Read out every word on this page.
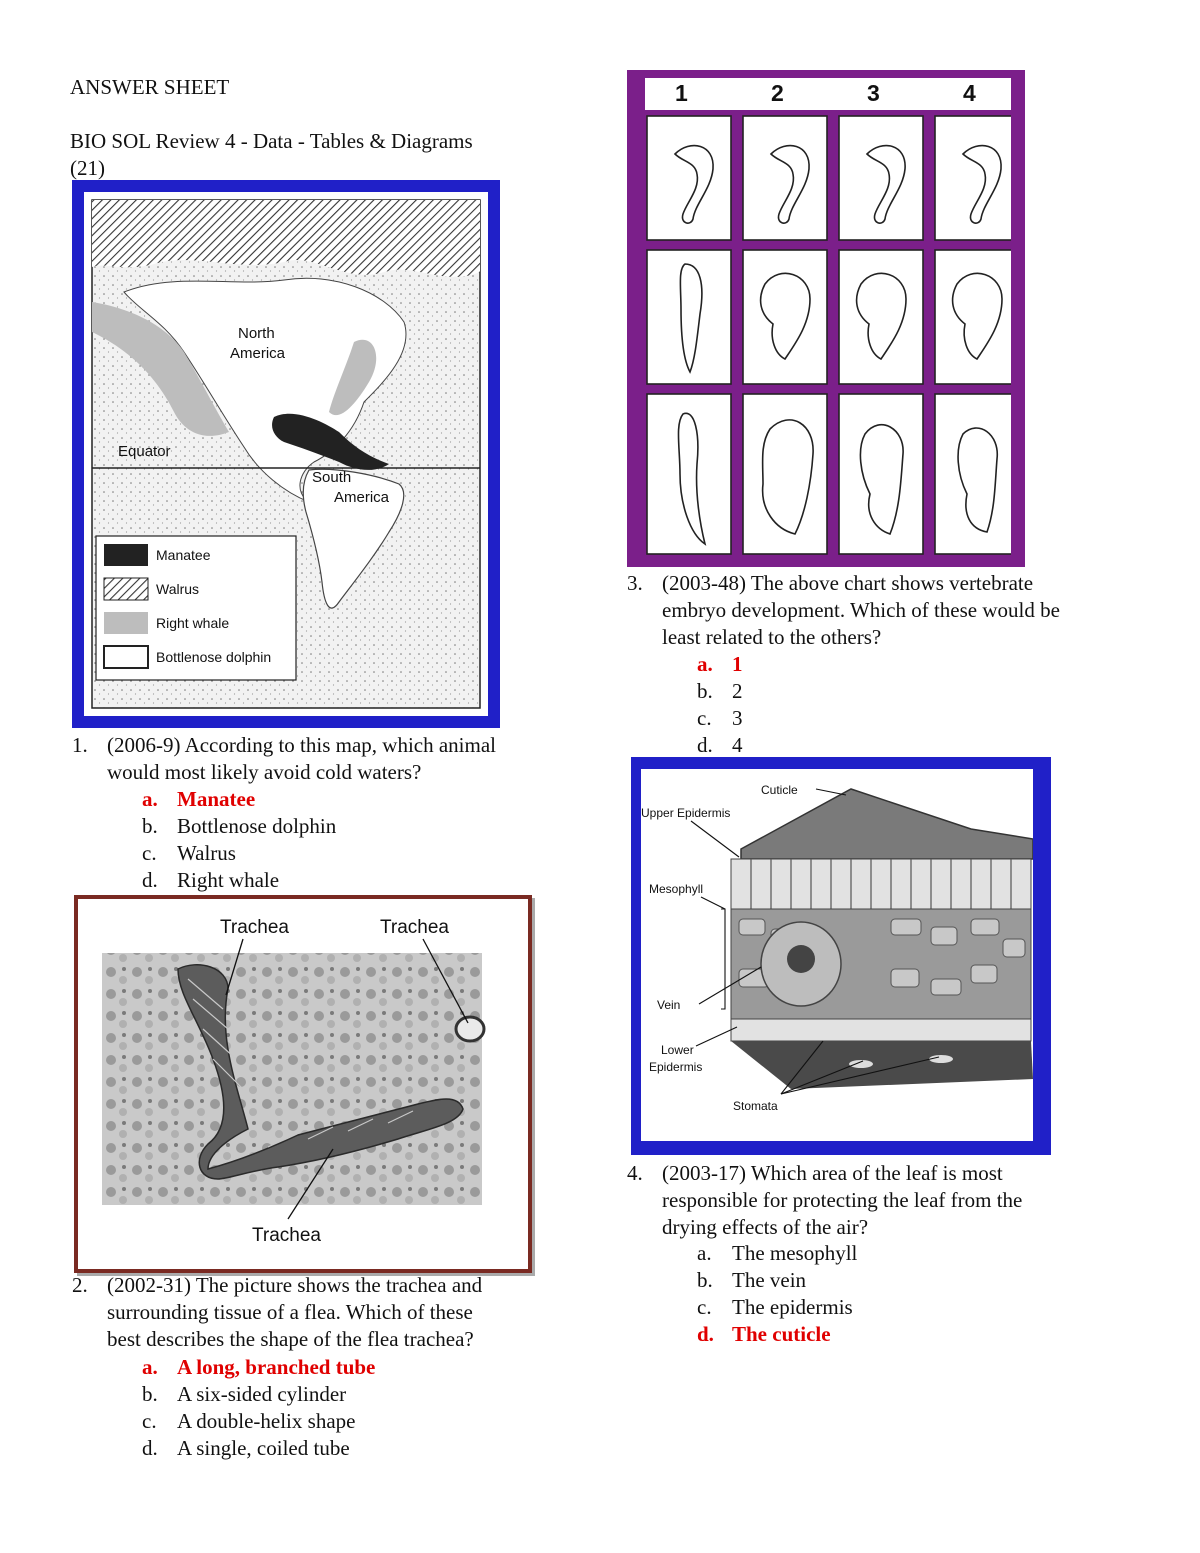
ANSWER SHEET
BIO SOL Review 4 - Data - Tables & Diagrams
(21)
North
America
Equator
South
America
Manatee
Walrus
Right whale
Bottlenose dolphin
1. (2006-9) According to this map, which animal
would most likely avoid cold waters?
a. Manatee
b. Bottlenose dolphin
c. Walrus
d. Right whale
Trachea	Trachea
Trachea
2. (2002-31) The picture shows the trachea and
surrounding tissue of a flea. Which of these
best describes the shape of the flea trachea?
a. A long, branched tube
b. A six-sided cylinder
c. A double-helix shape
d. A single, coiled tube
1	2	3	4
3. (2003-48) The above chart shows vertebrate
embryo development. Which of these would be
least related to the others?
a. 1
b. 2
c. 3
d. 4
Cuticle
Upper Epidermis
Mesophyll
Vein
Lower
Epidermis
Stomata
4. (2003-17) Which area of the leaf is most
responsible for protecting the leaf from the
drying effects of the air?
a. The mesophyll
b. The vein
c. The epidermis
d. The cuticle
